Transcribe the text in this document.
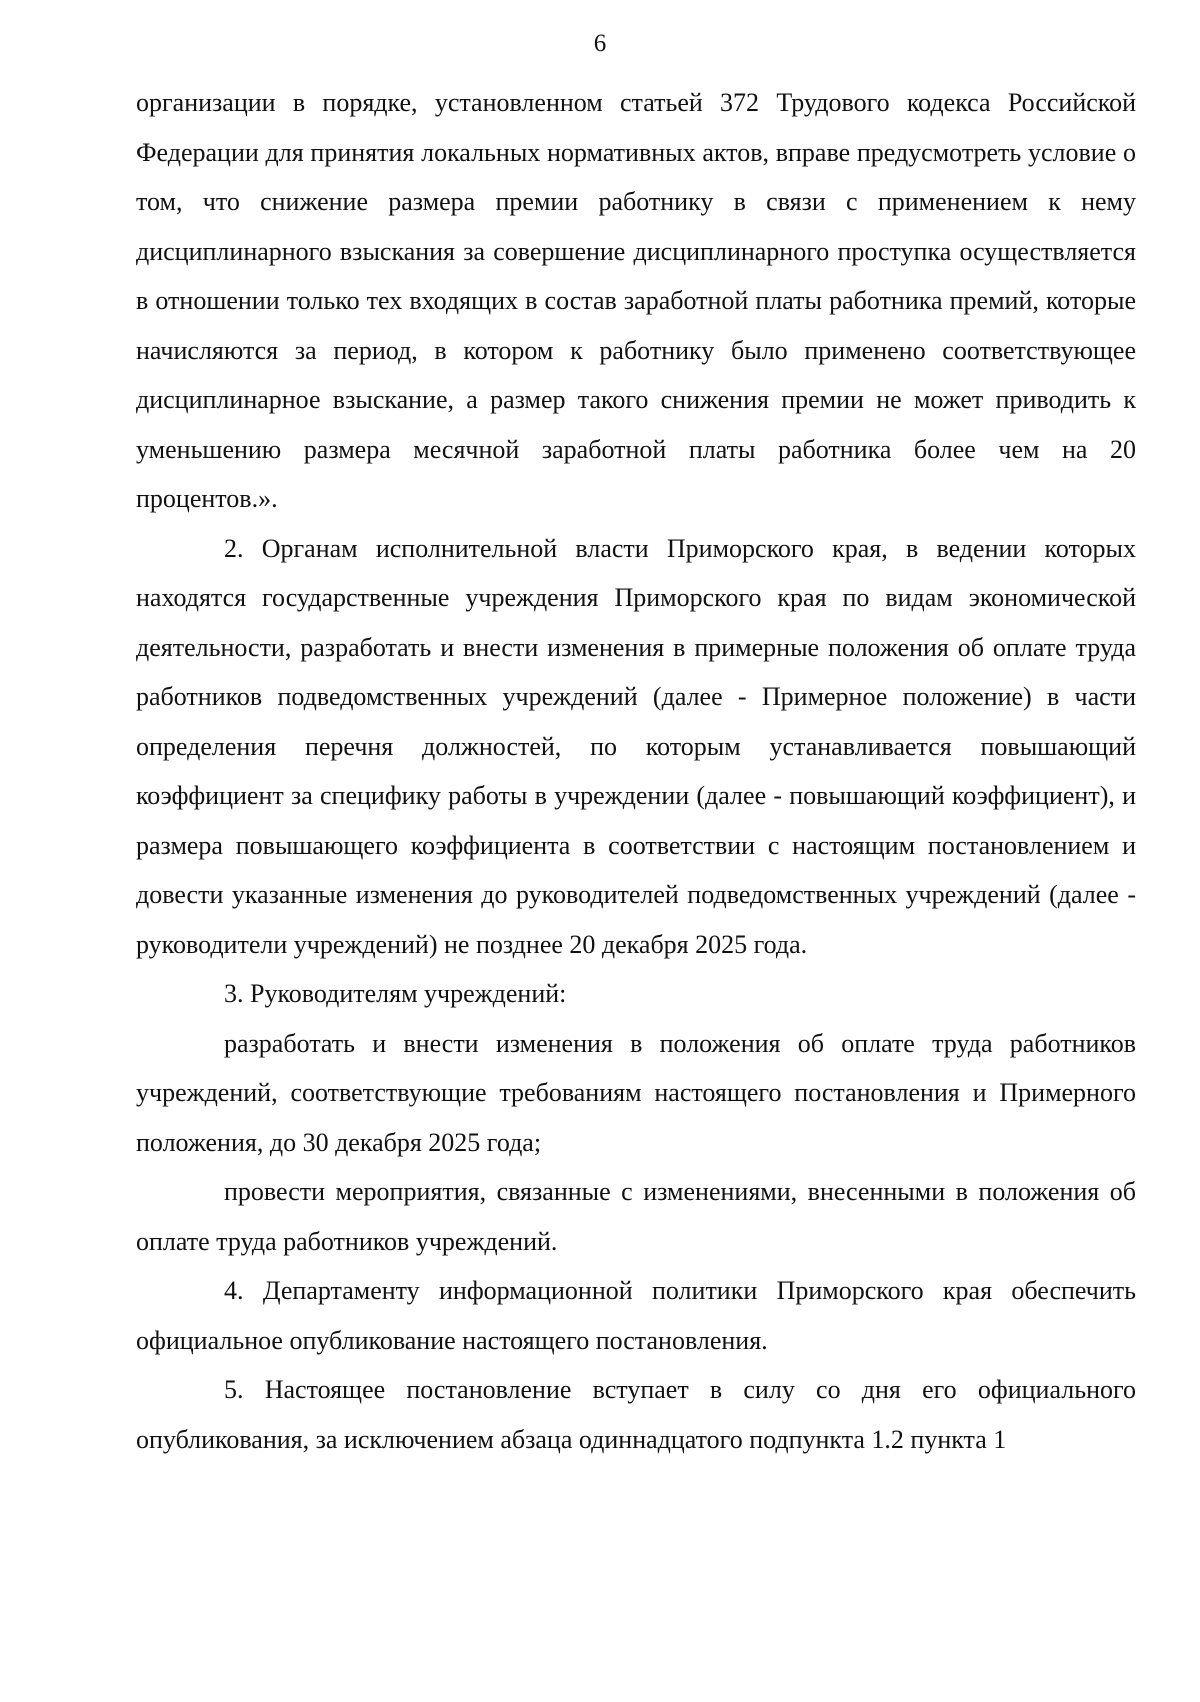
6

организации в порядке, установленном статьей 372 Трудового кодекса Российской Федерации для принятия локальных нормативных актов, вправе предусмотреть условие о том, что снижение размера премии работнику в связи с применением к нему дисциплинарного взыскания за совершение дисциплинарного проступка осуществляется в отношении только тех входящих в состав заработной платы работника премий, которые начисляются за период, в котором к работнику было применено соответствующее дисциплинарное взыскание, а размер такого снижения премии не может приводить к уменьшению размера месячной заработной платы работника более чем на 20 процентов.».

2. Органам исполнительной власти Приморского края, в ведении которых находятся государственные учреждения Приморского края по видам экономической деятельности, разработать и внести изменения в примерные положения об оплате труда работников подведомственных учреждений (далее - Примерное положение) в части определения перечня должностей, по которым устанавливается повышающий коэффициент за специфику работы в учреждении (далее - повышающий коэффициент), и размера повышающего коэффициента в соответствии с настоящим постановлением и довести указанные изменения до руководителей подведомственных учреждений (далее - руководители учреждений) не позднее 20 декабря 2025 года.

3. Руководителям учреждений:

разработать и внести изменения в положения об оплате труда работников учреждений, соответствующие требованиям настоящего постановления и Примерного положения, до 30 декабря 2025 года;

провести мероприятия, связанные с изменениями, внесенными в положения об оплате труда работников учреждений.

4. Департаменту информационной политики Приморского края обеспечить официальное опубликование настоящего постановления.

5. Настоящее постановление вступает в силу со дня его официального опубликования, за исключением абзаца одиннадцатого подпункта 1.2 пункта 1
